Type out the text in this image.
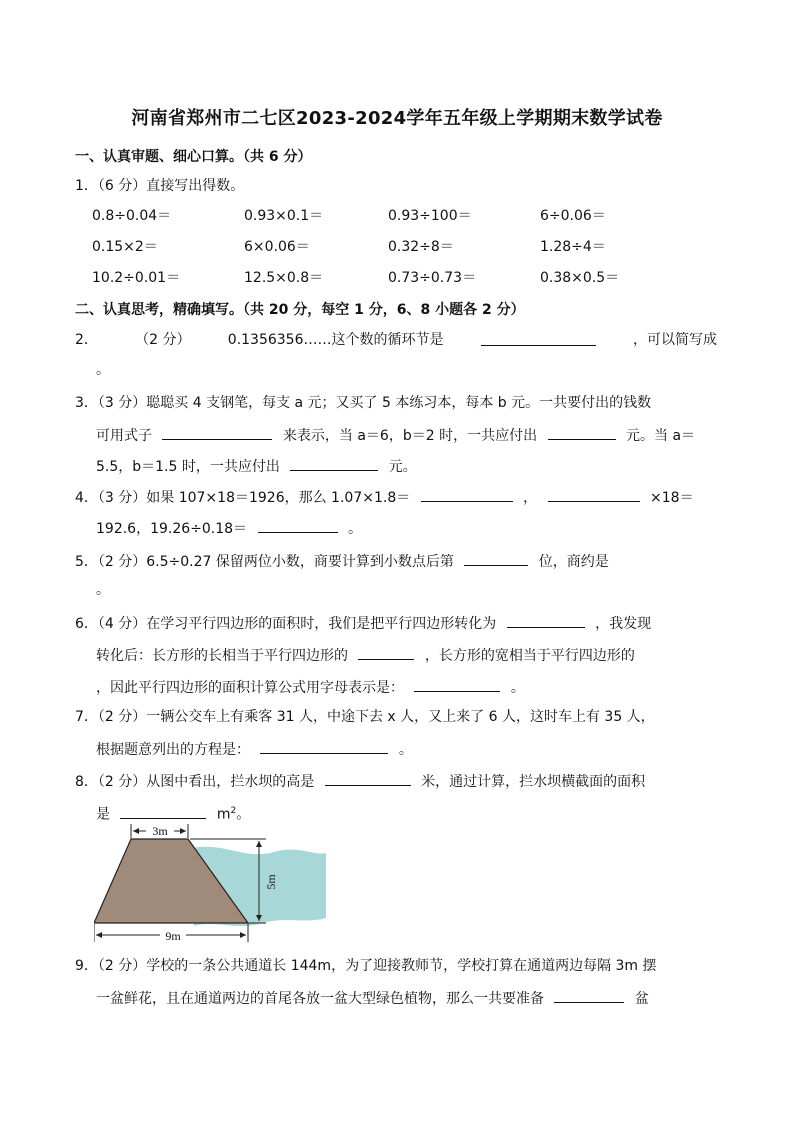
河南省郑州市二七区2023-2024学年五年级上学期期末数学试卷
一、认真审题、细心口算。（共 6 分）
1．（6 分）直接写出得数。
0.8÷0.04＝	0.93×0.1＝	0.93÷100＝	6÷0.06＝
0.15×2＝	6×0.06＝	0.32÷8＝	1.28÷4＝
10.2÷0.01＝	12.5×0.8＝	0.73÷0.73＝	0.38×0.5＝
二、认真思考，精确填写。（共 20 分，每空 1 分，6、8 小题各 2 分）
2．	（2 分）	0.1356356……这个数的循环节是	，可以简写成
。
3．（3 分）聪聪买 4 支钢笔，每支 a 元；又买了 5 本练习本，每本 b 元。一共要付出的钱数
可用式子	来表示，当 a＝6，b＝2 时，一共应付出	元。当 a＝
5.5，b＝1.5 时，一共应付出	元。
4．（3 分）如果 107×18＝1926，那么 1.07×1.8＝	，	×18＝
192.6，19.26÷0.18＝	。
5．（2 分）6.5÷0.27 保留两位小数，商要计算到小数点后第	位，商约是
。
6．（4 分）在学习平行四边形的面积时，我们是把平行四边形转化为	，我发现
转化后：长方形的长相当于平行四边形的	，长方形的宽相当于平行四边形的
，因此平行四边形的面积计算公式用字母表示是：	。
7．（2 分）一辆公交车上有乘客 31 人，中途下去 x 人，又上来了 6 人，这时车上有 35 人，
根据题意列出的方程是：	。
8．（2 分）从图中看出，拦水坝的高是	米，通过计算，拦水坝横截面的面积
是	$m^2$。
3m
5m
9m
9．（2 分）学校的一条公共通道长 144m，为了迎接教师节，学校打算在通道两边每隔 3m 摆
一盆鲜花，且在通道两边的首尾各放一盆大型绿色植物，那么一共要准备	盆
